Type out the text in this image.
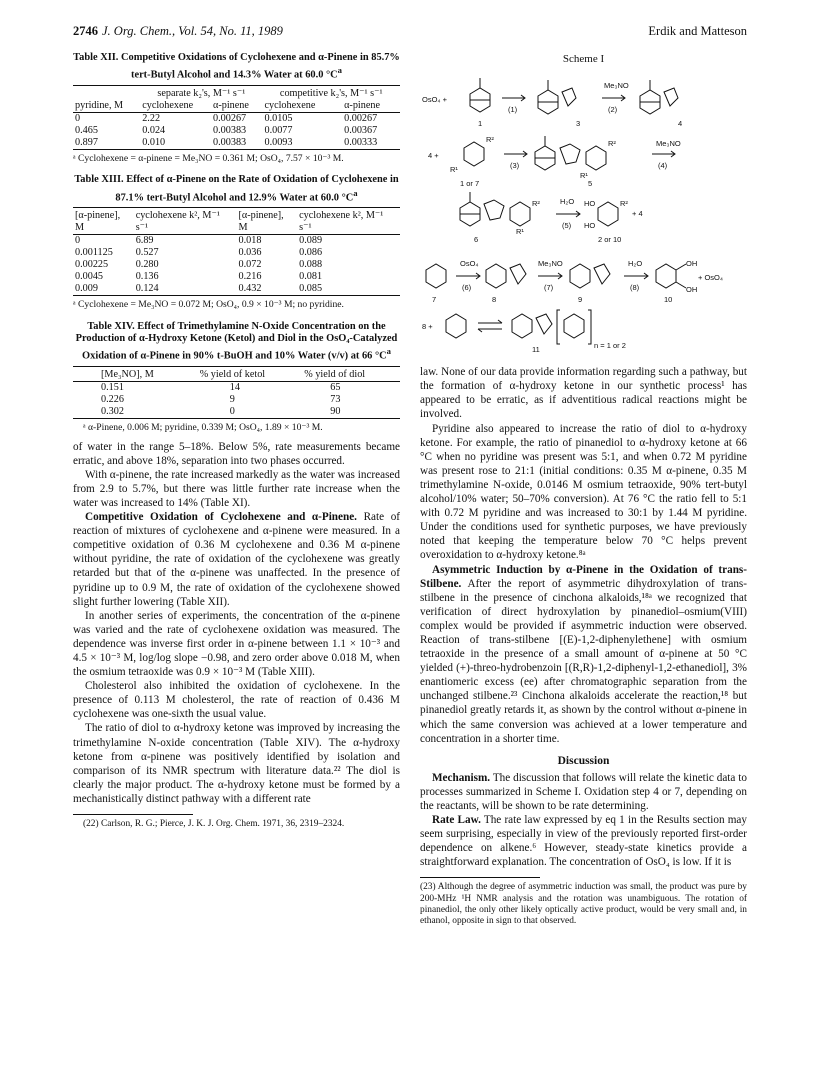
2746 J. Org. Chem., Vol. 54, No. 11, 1989	Erdik and Matteson
Table XII. Competitive Oxidations of Cyclohexene and α-Pinene in 85.7% tert-Butyl Alcohol and 14.3% Water at 60.0 $^\circ C^a$
	separate k₂'s, M⁻¹ s⁻¹		competitive k₂'s, M⁻¹ s⁻¹	
pyridine, M	cyclohexene	α-pinene	cyclohexene	α-pinene
0	2.22	0.00267	0.0105	0.00267
0.465	0.024	0.00383	0.0077	0.00367
0.897	0.010	0.00383	0.0093	0.00333
ᵃ Cyclohexene = α-pinene = Me₃NO = 0.361 M; OsO₄, 7.57 × 10⁻³ M.
Table XIII. Effect of α-Pinene on the Rate of Oxidation of Cyclohexene in 87.1% tert-Butyl Alcohol and 12.9% Water at 60.0 $^\circ C^a$
[α-pinene], M	cyclohexene k², M⁻¹ s⁻¹	[α-pinene], M	cyclohexene k², M⁻¹ s⁻¹
0	6.89	0.018	0.089
0.001125	0.527	0.036	0.086
0.00225	0.280	0.072	0.088
0.0045	0.136	0.216	0.081
0.009	0.124	0.432	0.085
ᵃ Cyclohexene = Me₃NO = 0.072 M; OsO₄, 0.9 × 10⁻³ M; no pyridine.
Table XIV. Effect of Trimethylamine N-Oxide Concentration on the Production of α-Hydroxy Ketone (Ketol) and Diol in the OsO₄-Catalyzed Oxidation of α-Pinene in 90% t-BuOH and 10% Water (v/v) at 66 $^\circ C^a$
[Me₃NO], M	% yield of ketol	% yield of diol
0.151	14	65
0.226	9	73
0.302	0	90
ᵃ α-Pinene, 0.006 M; pyridine, 0.339 M; OsO₄, 1.89 × 10⁻³ M.

of water in the range 5–18%. Below 5%, rate measurements became erratic, and above 18%, separation into two phases occurred.

With α-pinene, the rate increased markedly as the water was increased from 2.9 to 5.7%, but there was little further rate increase when the water was increased to 14% (Table XI).

Competitive Oxidation of Cyclohexene and α-Pinene. Rate of reaction of mixtures of cyclohexene and α-pinene were measured. In a competitive oxidation of 0.36 M cyclohexene and 0.36 M α-pinene without pyridine, the rate of oxidation of the cyclohexene was greatly retarded but that of the α-pinene was unaffected. In the presence of pyridine up to 0.9 M, the rate of oxidation of the cyclohexene showed slight further lowering (Table XII).

In another series of experiments, the concentration of the α-pinene was varied and the rate of cyclohexene oxidation was measured. The dependence was inverse first order in α-pinene between 1.1 × 10⁻³ and 4.5 × 10⁻³ M, log/log slope −0.98, and zero order above 0.018 M, when the osmium tetraoxide was 0.9 × 10⁻³ M (Table XIII).

Cholesterol also inhibited the oxidation of cyclohexene. In the presence of 0.113 M cholesterol, the rate of reaction of 0.436 M cyclohexene was one-sixth the usual value.

The ratio of diol to α-hydroxy ketone was improved by increasing the trimethylamine N-oxide concentration (Table XIV). The α-hydroxy ketone from α-pinene was positively identified by isolation and comparison of its NMR spectrum with literature data.²² The diol is clearly the major product. The α-hydroxy ketone must be formed by a mechanistically distinct pathway with a different rate

(22) Carlson, R. G.; Pierce, J. K. J. Org. Chem. 1971, 36, 2319–2324.
Scheme I
OsO₄ +
(1)
Me₃NO
(2)
1	3	4
4 +
R²
R¹	(3)
R²
R¹
Me₃NO
(4)
1 or 7	5
R²
R¹
H₂O
(5)
HO
HO
R²
+ 4
6	2 or 10
OsO₄
(6)
Me₃NO
(7)
H₂O
(8)
OH
OH
+ OsO₄
7	8	9	10
8 +
n = 1 or 2
11

law. None of our data provide information regarding such a pathway, but the formation of α-hydroxy ketone in our synthetic process¹ has appeared to be erratic, as if adventitious radical reactions might be involved.

Pyridine also appeared to increase the ratio of diol to α-hydroxy ketone. For example, the ratio of pinanediol to α-hydroxy ketone at 66 °C when no pyridine was present was 5:1, and when 0.72 M pyridine was present rose to 21:1 (initial conditions: 0.35 M α-pinene, 0.35 M trimethylamine N-oxide, 0.0146 M osmium tetraoxide, 90% tert-butyl alcohol/10% water; 50–70% conversion). At 76 °C the ratio fell to 5:1 with 0.72 M pyridine and was increased to 30:1 by 1.44 M pyridine. Under the conditions used for synthetic purposes, we have previously noted that keeping the temperature below 70 °C helps prevent overoxidation to α-hydroxy ketone.⁸ᵃ

Asymmetric Induction by α-Pinene in the Oxidation of trans-Stilbene. After the report of asymmetric dihydroxylation of trans-stilbene in the presence of cinchona alkaloids,¹⁸ᵃ we recognized that verification of direct hydroxylation by pinanediol–osmium(VIII) complex would be provided if asymmetric induction were observed. Reaction of trans-stilbene [(E)-1,2-diphenylethene] with osmium tetraoxide in the presence of a small amount of α-pinene at 50 °C yielded (+)-threo-hydrobenzoin [(R,R)-1,2-diphenyl-1,2-ethanediol], 3% enantiomeric excess (ee) after chromatographic separation from the unchanged stilbene.²³ Cinchona alkaloids accelerate the reaction,¹⁸ but pinanediol greatly retards it, as shown by the control without α-pinene in which the same conversion was achieved at a lower temperature and concentration in a shorter time.

Discussion

Mechanism. The discussion that follows will relate the kinetic data to processes summarized in Scheme I. Oxidation step 4 or 7, depending on the reactants, will be shown to be rate determining.

Rate Law. The rate law expressed by eq 1 in the Results section may seem surprising, especially in view of the previously reported first-order dependence on alkene.⁶ However, steady-state kinetics provide a straightforward explanation. The concentration of OsO₄ is low. If it is

(23) Although the degree of asymmetric induction was small, the product was pure by 200-MHz ¹H NMR analysis and the rotation was unambiguous. The rotation of pinanediol, the only other likely optically active product, would be very small and, in ethanol, opposite in sign to that observed.
